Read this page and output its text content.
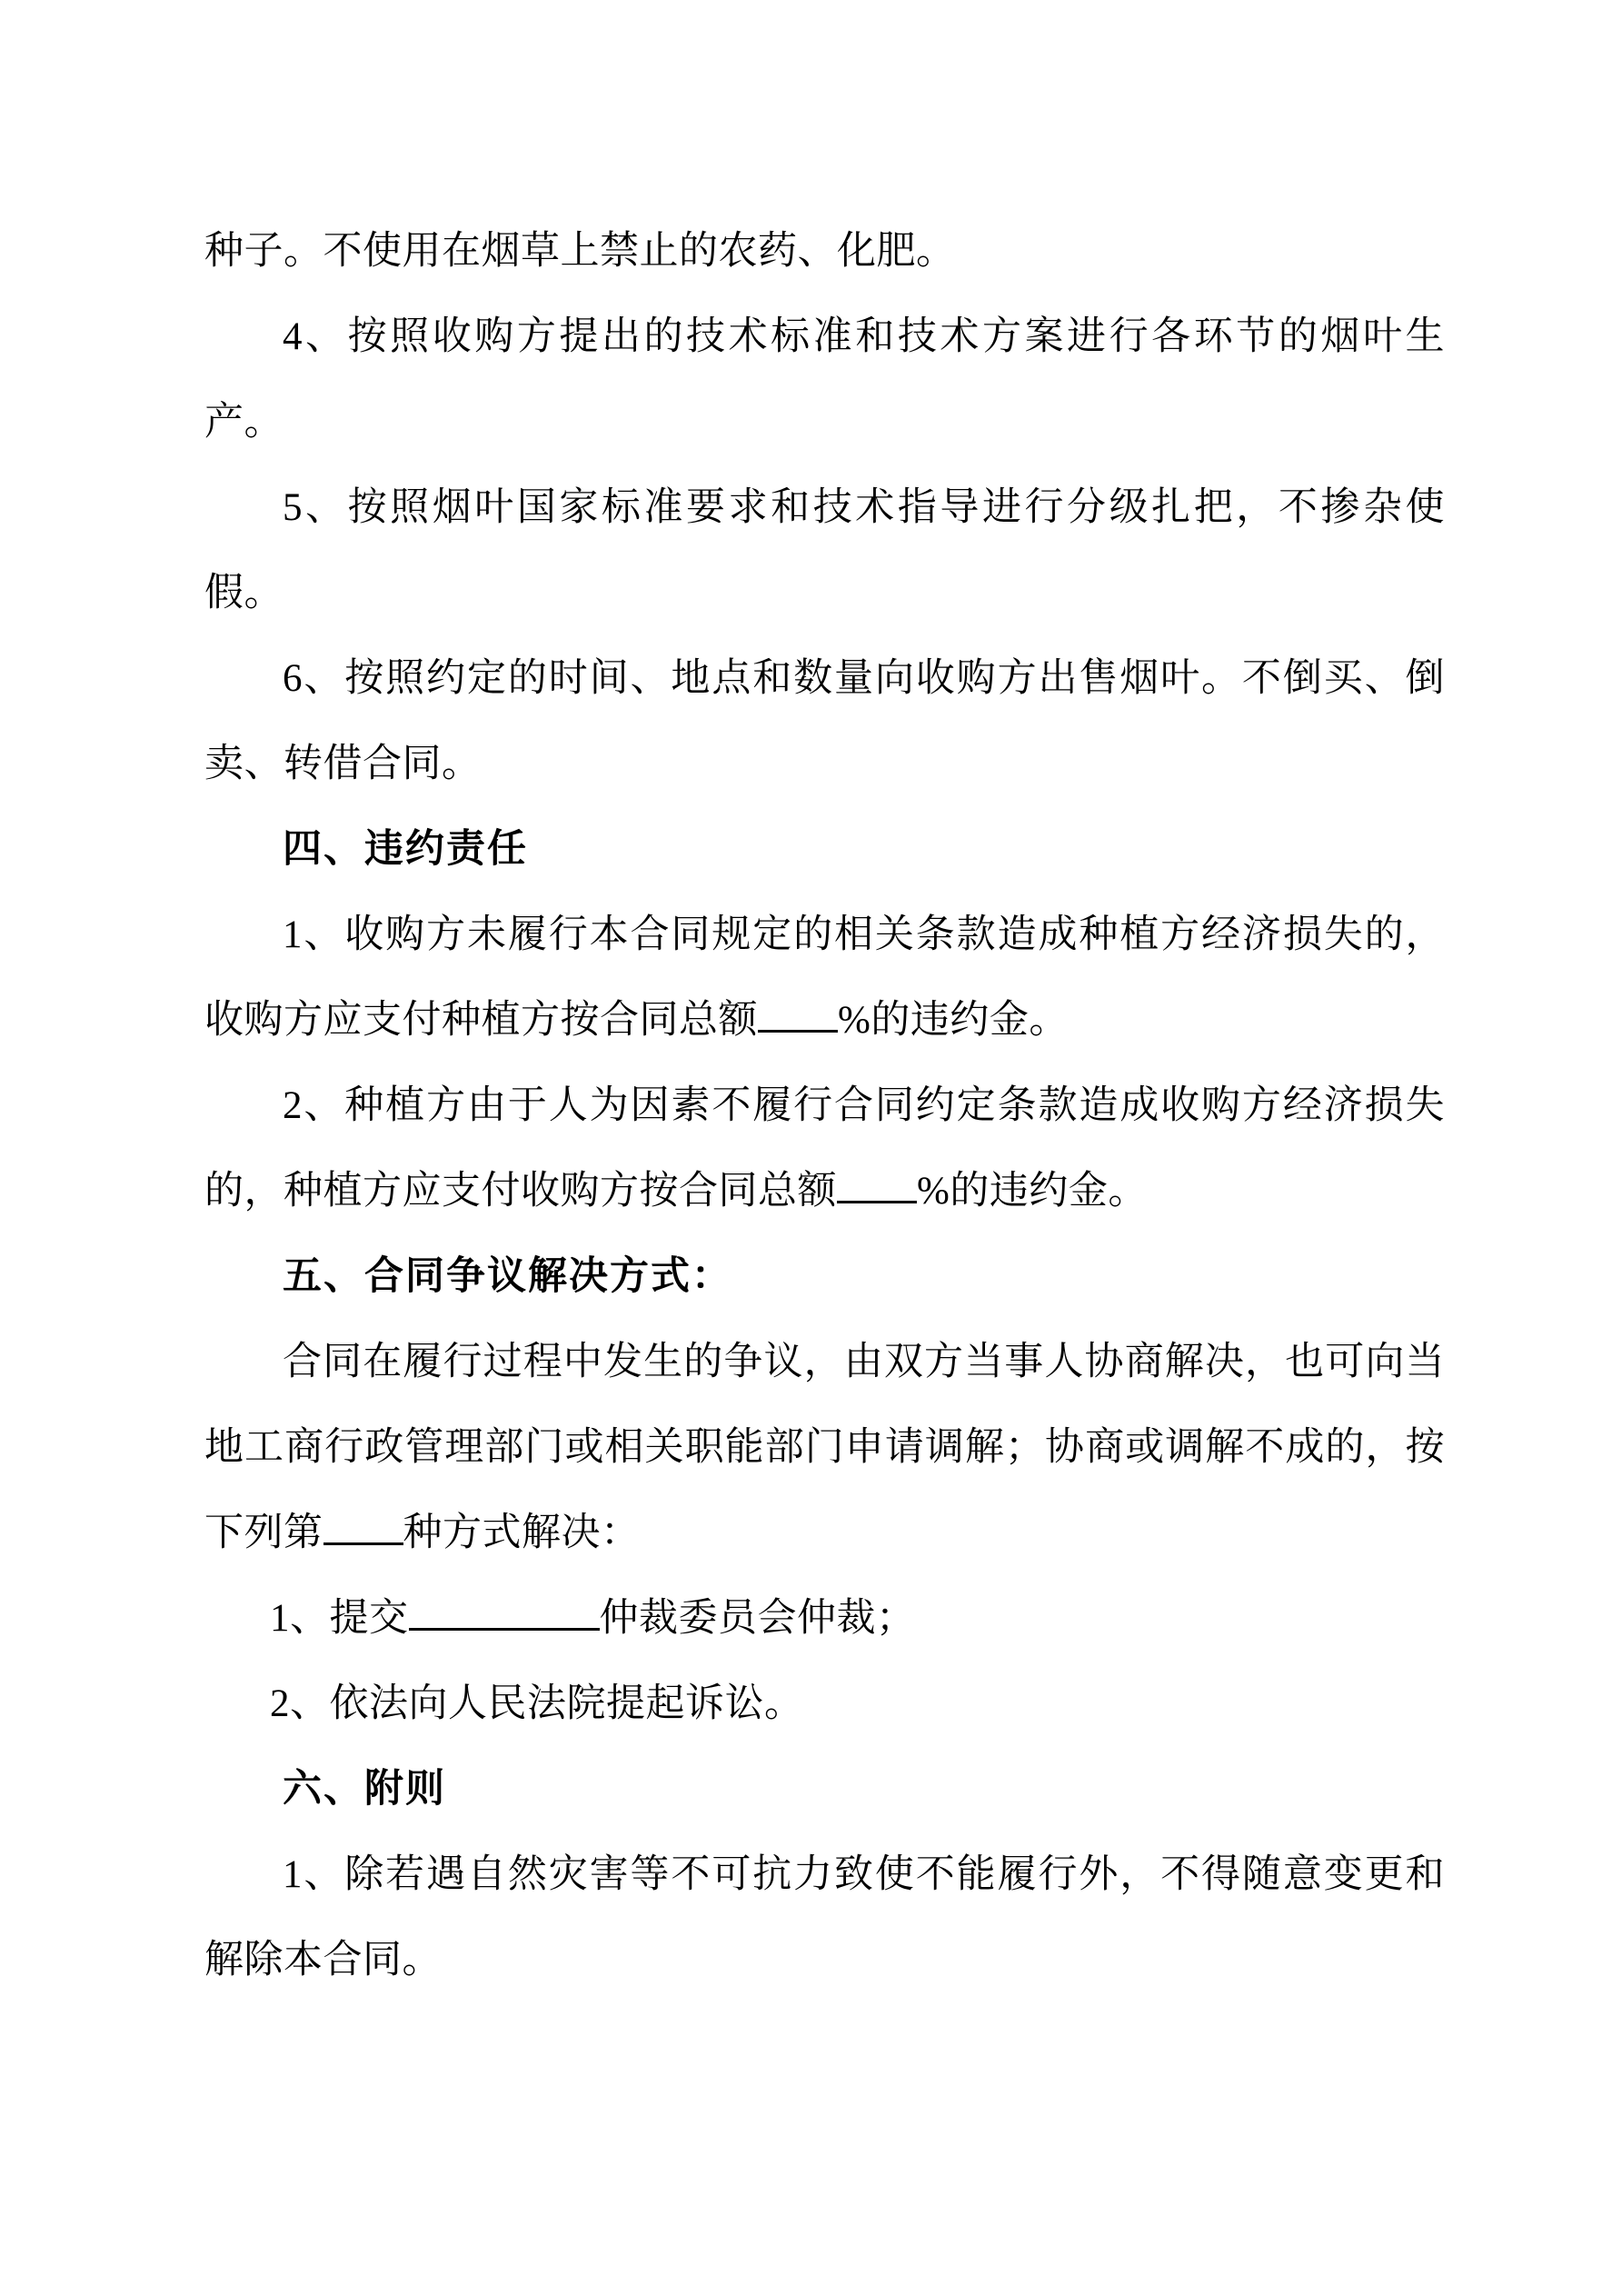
种子。不使用在烟草上禁止的农药、化肥。

4、按照收购方提出的技术标准和技术方案进行各环节的烟叶生产。

5、按照烟叶国家标准要求和技术指导进行分级扎把，不掺杂使假。

6、按照约定的时间、地点和数量向收购方出售烟叶。不倒买、倒卖、转借合同。

四、违约责任

1、收购方未履行本合同规定的相关条款造成种植方经济损失的，收购方应支付种植方按合同总额 %的违约金。

2、种植方由于人为因素不履行合同约定条款造成收购方经济损失的，种植方应支付收购方按合同总额 %的违约金。

五、合同争议解决方式：

合同在履行过程中发生的争议，由双方当事人协商解决，也可向当地工商行政管理部门或相关职能部门申请调解；协商或调解不成的，按下列第 种方式解决：

1、提交	仲裁委员会仲裁；

2、依法向人民法院提起诉讼。

六、附则

1、除若遇自然灾害等不可抗力致使不能履行外，不得随意变更和解除本合同。
